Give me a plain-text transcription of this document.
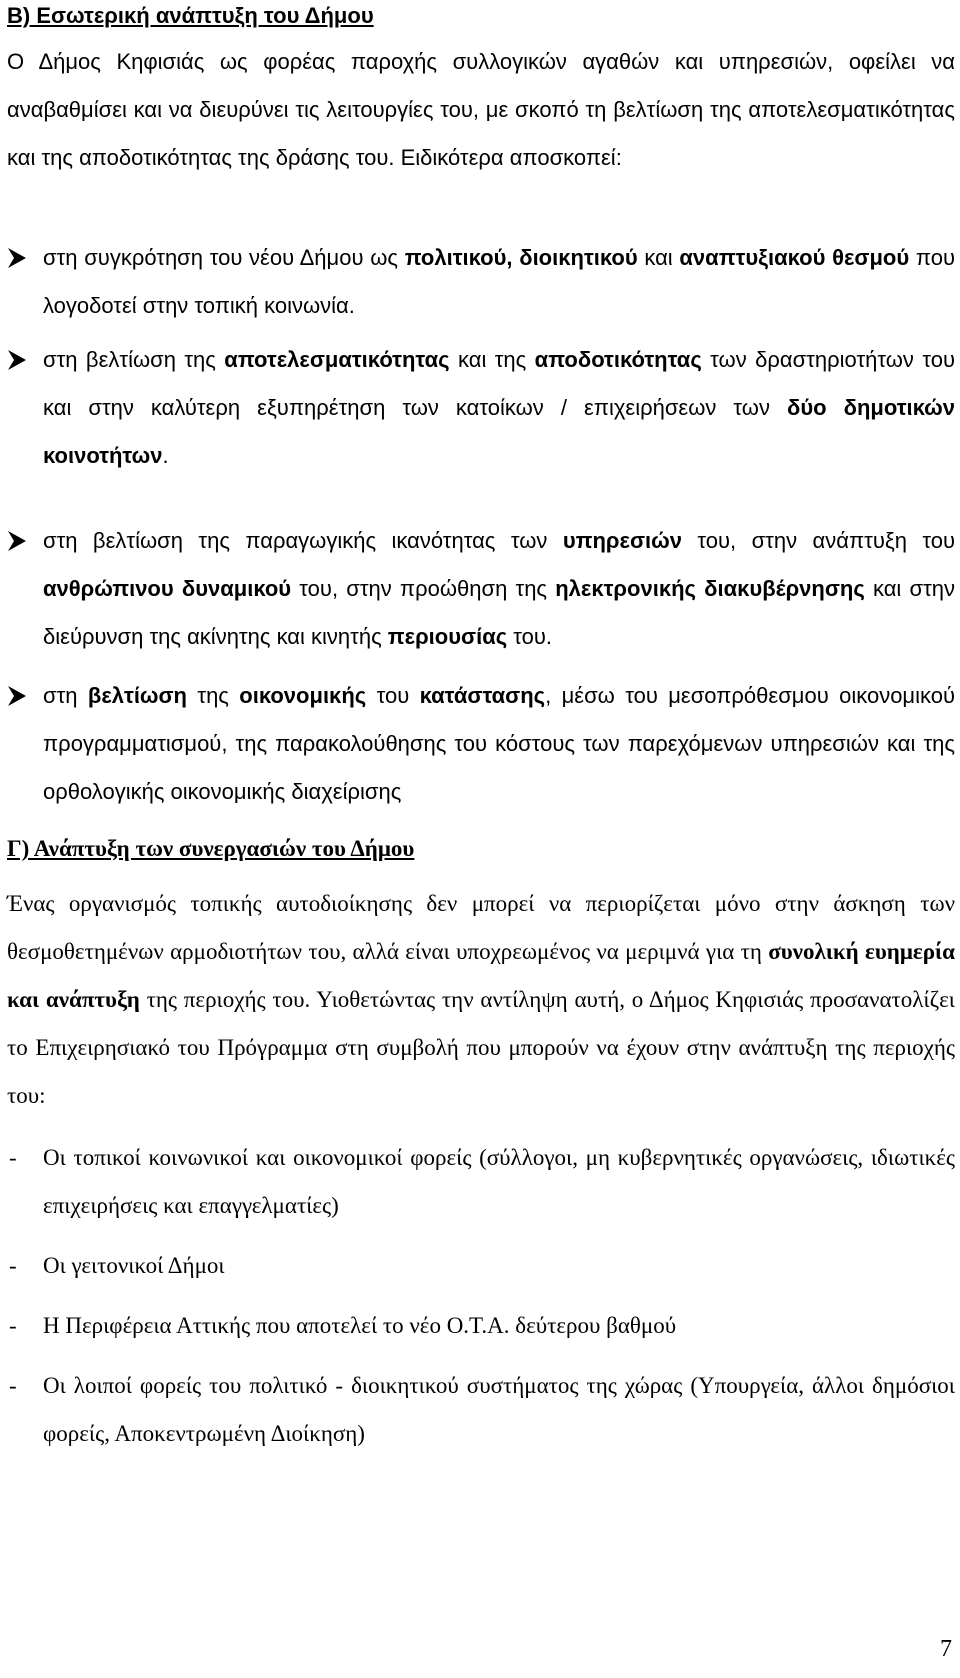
Β) Εσωτερική ανάπτυξη του Δήμου
Ο Δήμος Κηφισιάς ως φορέας παροχής συλλογικών αγαθών και υπηρεσιών, οφείλει να αναβαθμίσει και να διευρύνει τις λειτουργίες του, με σκοπό τη βελτίωση της αποτελεσματικότητας και της αποδοτικότητας της δράσης του. Ειδικότερα αποσκοπεί:
στη συγκρότηση του νέου Δήμου ως πολιτικού, διοικητικού και αναπτυξιακού θεσμού που λογοδοτεί στην τοπική κοινωνία.
στη βελτίωση της αποτελεσματικότητας και της αποδοτικότητας των δραστηριοτήτων του και στην καλύτερη εξυπηρέτηση των κατοίκων / επιχειρήσεων των δύο δημοτικών κοινοτήτων.
στη βελτίωση της παραγωγικής ικανότητας των υπηρεσιών του, στην ανάπτυξη του ανθρώπινου δυναμικού του, στην προώθηση της ηλεκτρονικής διακυβέρνησης και στην διεύρυνση της ακίνητης και κινητής περιουσίας του.
στη βελτίωση της οικονομικής του κατάστασης, μέσω του μεσοπρόθεσμου οικονομικού προγραμματισμού, της παρακολούθησης του κόστους των παρεχόμενων υπηρεσιών και της ορθολογικής οικονομικής διαχείρισης
Γ) Ανάπτυξη των συνεργασιών του Δήμου
Ένας οργανισμός τοπικής αυτοδιοίκησης δεν μπορεί να περιορίζεται μόνο στην άσκηση των θεσμοθετημένων αρμοδιοτήτων του, αλλά είναι υποχρεωμένος να μεριμνά για τη συνολική ευημερία και ανάπτυξη της περιοχής του. Υιοθετώντας την αντίληψη αυτή, ο Δήμος Κηφισιάς προσανατολίζει το Επιχειρησιακό του Πρόγραμμα στη συμβολή που μπορούν να έχουν στην ανάπτυξη της περιοχής του:
- Οι τοπικοί κοινωνικοί και οικονομικοί φορείς (σύλλογοι, μη κυβερνητικές οργανώσεις, ιδιωτικές επιχειρήσεις και επαγγελματίες)
- Οι γειτονικοί Δήμοι
- Η Περιφέρεια Αττικής που αποτελεί το νέο Ο.Τ.Α. δεύτερου βαθμού
- Οι λοιποί φορείς του πολιτικό - διοικητικού συστήματος της χώρας (Υπουργεία, άλλοι δημόσιοι φορείς, Αποκεντρωμένη Διοίκηση)
7
